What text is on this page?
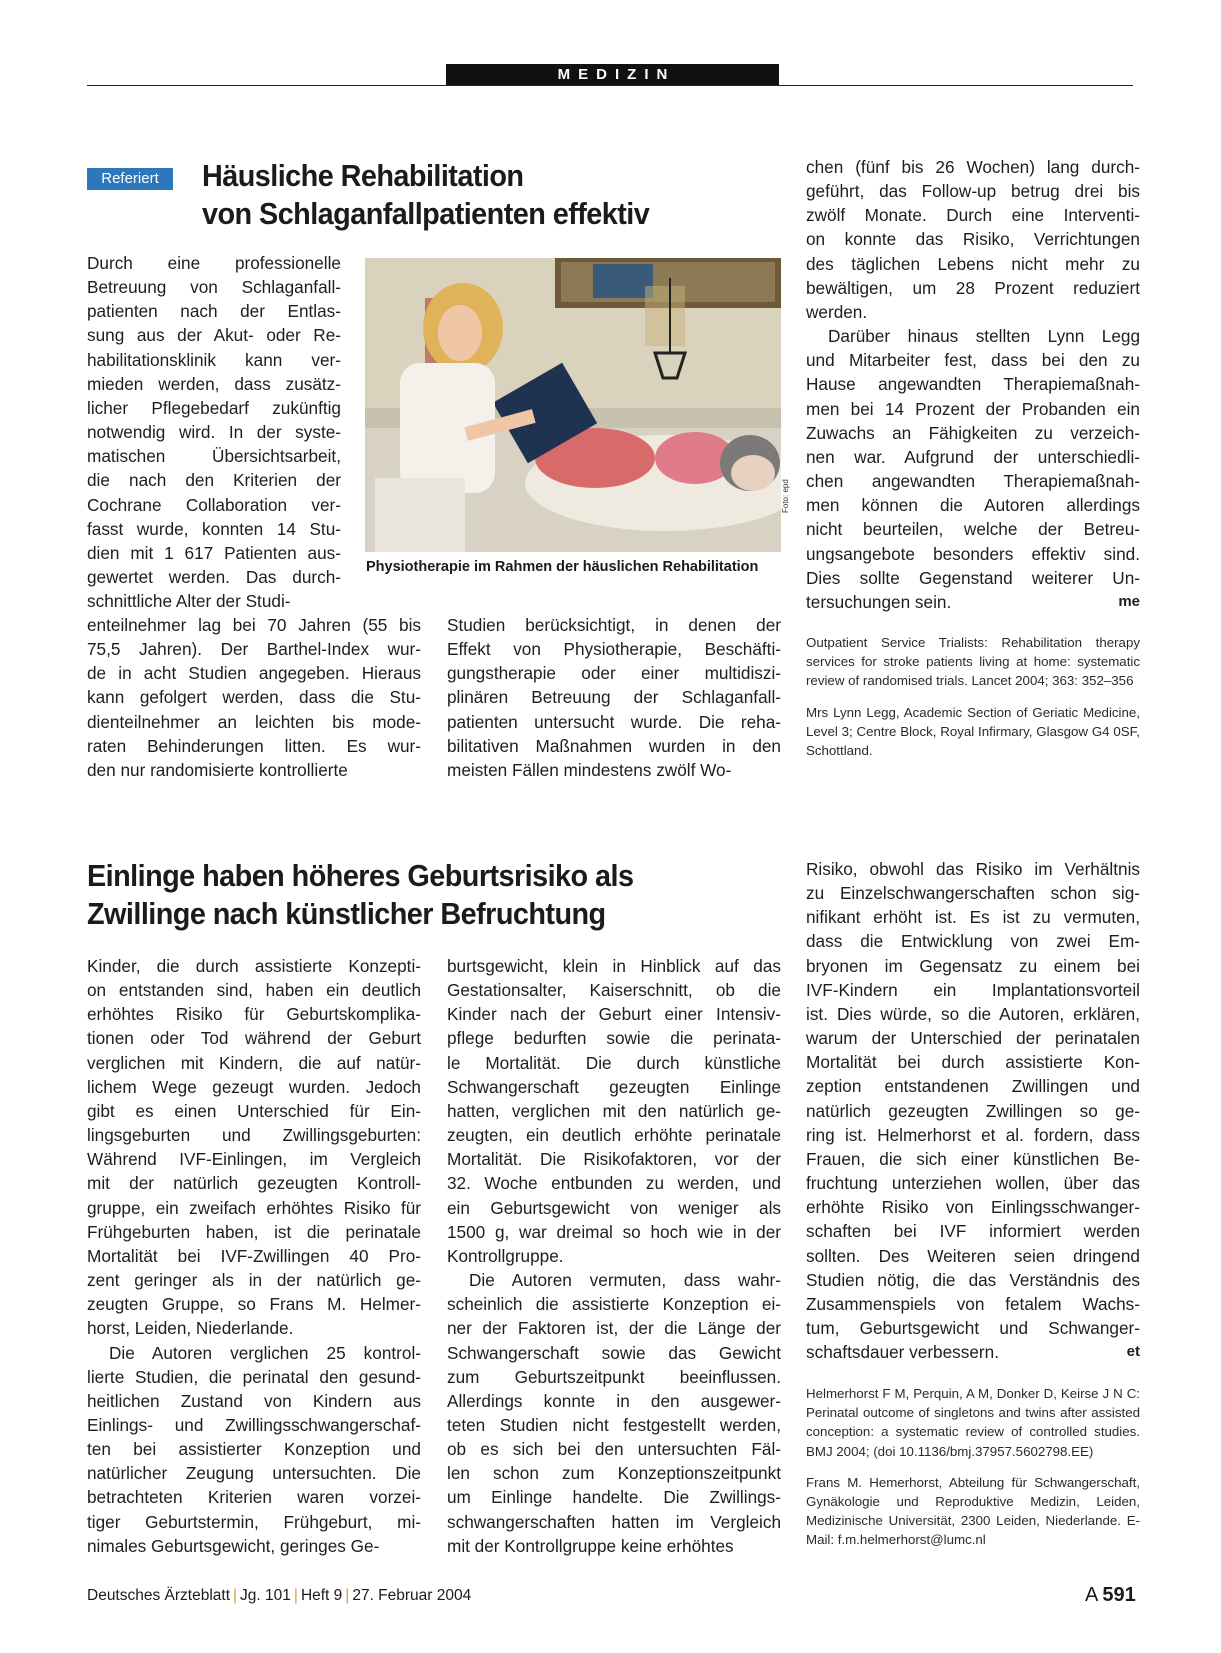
MEDIZIN
Referiert	Häusliche Rehabilitation
von Schlaganfallpatienten effektiv
Durch eine professionelle
Betreuung von Schlaganfall-
patienten nach der Entlas-
sung aus der Akut- oder Re-
habilitationsklinik kann ver-
mieden werden, dass zusätz-
licher Pflegebedarf zukünftig
notwendig wird. In der syste-
matischen Übersichtsarbeit,
die nach den Kriterien der
Cochrane Collaboration ver-
fasst wurde, konnten 14 Stu-
dien mit 1 617 Patienten aus-
gewertet werden. Das durch-
schnittliche Alter der Studi-
enteilnehmer lag bei 70 Jahren (55 bis
75,5 Jahren). Der Barthel-Index wur-
de in acht Studien angegeben. Hieraus
kann gefolgert werden, dass die Stu-
dienteilnehmer an leichten bis mode-
raten Behinderungen litten. Es wur-
den nur randomisierte kontrollierte
Foto: epd
Physiotherapie im Rahmen der häuslichen Rehabilitation
Studien berücksichtigt, in denen der
Effekt von Physiotherapie, Beschäfti-
gungstherapie oder einer multidiszi-
plinären Betreuung der Schlaganfall-
patienten untersucht wurde. Die reha-
bilitativen Maßnahmen wurden in den
meisten Fällen mindestens zwölf Wo-
chen (fünf bis 26 Wochen) lang durch-
geführt, das Follow-up betrug drei bis
zwölf Monate. Durch eine Interventi-
on konnte das Risiko, Verrichtungen
des täglichen Lebens nicht mehr zu
bewältigen, um 28 Prozent reduziert
werden.
Darüber hinaus stellten Lynn Legg
und Mitarbeiter fest, dass bei den zu
Hause angewandten Therapiemaßnah-
men bei 14 Prozent der Probanden ein
Zuwachs an Fähigkeiten zu verzeich-
nen war. Aufgrund der unterschiedli-
chen angewandten Therapiemaßnah-
men können die Autoren allerdings
nicht beurteilen, welche der Betreu-
ungsangebote besonders effektiv sind.
Dies sollte Gegenstand weiterer Un-
tersuchungen sein.	me

Outpatient Service Trialists: Rehabilitation therapy services for stroke patients living at home: systematic review of randomised trials. Lancet 2004; 363: 352–356

Mrs Lynn Legg, Academic Section of Geriatic Medicine, Level 3; Centre Block, Royal Infirmary, Glasgow G4 0SF, Schottland.

Einlinge haben höheres Geburtsrisiko als
Zwillinge nach künstlicher Befruchtung
Kinder, die durch assistierte Konzepti-
on entstanden sind, haben ein deutlich
erhöhtes Risiko für Geburtskomplika-
tionen oder Tod während der Geburt
verglichen mit Kindern, die auf natür-
lichem Wege gezeugt wurden. Jedoch
gibt es einen Unterschied für Ein-
lingsgeburten und Zwillingsgeburten:
Während IVF-Einlingen, im Vergleich
mit der natürlich gezeugten Kontroll-
gruppe, ein zweifach erhöhtes Risiko für
Frühgeburten haben, ist die perinatale
Mortalität bei IVF-Zwillingen 40 Pro-
zent geringer als in der natürlich ge-
zeugten Gruppe, so Frans M. Helmer-
horst, Leiden, Niederlande.
Die Autoren verglichen 25 kontrol-
lierte Studien, die perinatal den gesund-
heitlichen Zustand von Kindern aus
Einlings- und Zwillingsschwangerschaf-
ten bei assistierter Konzeption und
natürlicher Zeugung untersuchten. Die
betrachteten Kriterien waren vorzei-
tiger Geburtstermin, Frühgeburt, mi-
nimales Geburtsgewicht, geringes Ge-
burtsgewicht, klein in Hinblick auf das
Gestationsalter, Kaiserschnitt, ob die
Kinder nach der Geburt einer Intensiv-
pflege bedurften sowie die perinata-
le Mortalität. Die durch künstliche
Schwangerschaft gezeugten Einlinge
hatten, verglichen mit den natürlich ge-
zeugten, ein deutlich erhöhte perinatale
Mortalität. Die Risikofaktoren, vor der
32. Woche entbunden zu werden, und
ein Geburtsgewicht von weniger als
1500 g, war dreimal so hoch wie in der
Kontrollgruppe.
Die Autoren vermuten, dass wahr-
scheinlich die assistierte Konzeption ei-
ner der Faktoren ist, der die Länge der
Schwangerschaft sowie das Gewicht
zum Geburtszeitpunkt beeinflussen.
Allerdings konnte in den ausgewer-
teten Studien nicht festgestellt werden,
ob es sich bei den untersuchten Fäl-
len schon zum Konzeptionszeitpunkt
um Einlinge handelte. Die Zwillings-
schwangerschaften hatten im Vergleich
mit der Kontrollgruppe keine erhöhtes
Risiko, obwohl das Risiko im Verhältnis
zu Einzelschwangerschaften schon sig-
nifikant erhöht ist. Es ist zu vermuten,
dass die Entwicklung von zwei Em-
bryonen im Gegensatz zu einem bei
IVF-Kindern ein Implantationsvorteil
ist. Dies würde, so die Autoren, erklären,
warum der Unterschied der perinatalen
Mortalität bei durch assistierte Kon-
zeption entstandenen Zwillingen und
natürlich gezeugten Zwillingen so ge-
ring ist. Helmerhorst et al. fordern, dass
Frauen, die sich einer künstlichen Be-
fruchtung unterziehen wollen, über das
erhöhte Risiko von Einlingsschwanger-
schaften bei IVF informiert werden
sollten. Des Weiteren seien dringend
Studien nötig, die das Verständnis des
Zusammenspiels von fetalem Wachs-
tum, Geburtsgewicht und Schwanger-
schaftsdauer verbessern.	et

Helmerhorst F M, Perquin, A M, Donker D, Keirse J N C: Perinatal outcome of singletons and twins after assisted conception: a systematic review of controlled studies. BMJ 2004; (doi 10.1136/bmj.37957.5602798.EE)

Frans M. Hemerhorst, Abteilung für Schwangerschaft, Gynäkologie und Reproduktive Medizin, Leiden, Medizinische Universität, 2300 Leiden, Niederlande. E-Mail: f.m.helmerhorst@lumc.nl

Deutsches Ärzteblatt | Jg. 101 | Heft 9 | 27. Februar 2004	A  591
